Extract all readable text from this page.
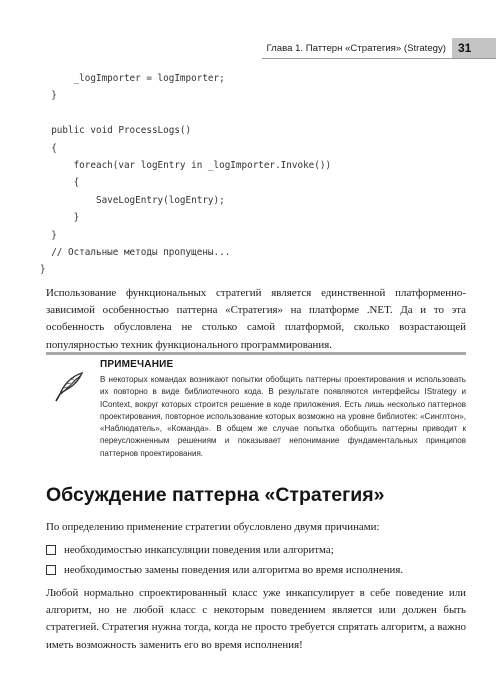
Глава 1. Паттерн «Стратегия» (Strategy)	31
_logImporter = logImporter;
}

public void ProcessLogs()
{
foreach(var logEntry in _logImporter.Invoke())
{
SaveLogEntry(logEntry);
}
}
// Остальные методы пропущены...
}

Использование функциональных стратегий является единственной платформенно-зависимой особенностью паттерна «Стратегия» на платформе .NET. Да и то эта особенность обусловлена не столько самой платформой, сколько возрастающей популярностью техник функционального программирования.

ПРИМЕЧАНИЕ

В некоторых командах возникают попытки обобщить паттерны проектирования и использовать их повторно в виде библиотечного кода. В результате появляются интерфейсы IStrategy и IContext, вокруг которых строится решение в коде приложения. Есть лишь несколько паттернов проектирования, повторное использование которых возможно на уровне библиотек: «Синглтон», «Наблюдатель», «Команда». В общем же случае попытка обобщить паттерны приводит к переусложненным решениям и показывает непонимание фундаментальных принципов паттернов проектирования.

Обсуждение паттерна «Стратегия»

По определению применение стратегии обусловлено двумя причинами:

необходимостью инкапсуляции поведения или алгоритма;
необходимостью замены поведения или алгоритма во время исполнения.

Любой нормально спроектированный класс уже инкапсулирует в себе поведение или алгоритм, но не любой класс с некоторым поведением является или должен быть стратегией. Стратегия нужна тогда, когда не просто требуется спрятать алгоритм, а важно иметь возможность заменить его во время исполнения!
